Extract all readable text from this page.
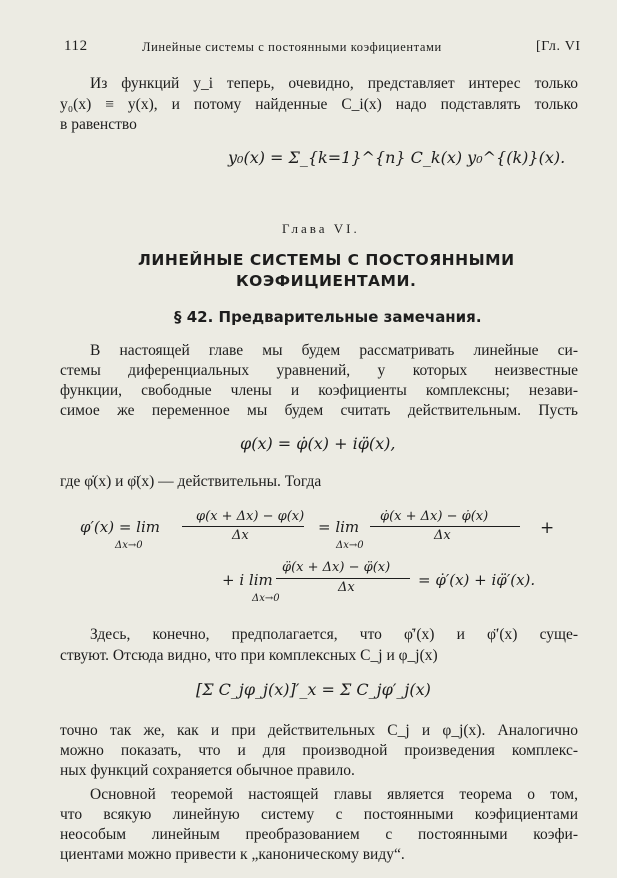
112	Линейные системы с постоянными коэфициентами	[Гл. VI
Из функций y_i теперь, очевидно, представляет интерес только
y₀(x) ≡ y(x), и потому найденные C_i(x) надо подставлять только
в равенство
y₀(x) = Σ_{k=1}^{n} C_k(x) y₀^{(k)}(x).
Глава VI.
ЛИНЕЙНЫЕ СИСТЕМЫ С ПОСТОЯННЫМИ
КОЭФИЦИЕНТАМИ.
§ 42. Предварительные замечания.
В настоящей главе мы будем рассматривать линейные си-
стемы диференциальных уравнений, у которых неизвестные
функции, свободные члены и коэфициенты комплексны; незави-
симое же переменное мы будем считать действительным. Пусть
φ(x) = φ̇(x) + iφ̈(x),
где φ̇(x) и φ̈(x) — действительны. Тогда
φ′(x) = lim
Δx→0
φ(x + Δx) − φ(x)
Δx	= lim
Δx→0
φ̇(x + Δx) − φ̇(x)
Δx	+
+ i lim
Δx→0
φ̈(x + Δx) − φ̈(x)
Δx	= φ̇′(x) + iφ̈′(x).
Здесь, конечно, предполагается, что φ̇′(x) и φ̈′(x) суще-
ствуют. Отсюда видно, что при комплексных C_j и φ_j(x)
[Σ C_jφ_j(x)]′_x = Σ C_jφ′_j(x)
точно так же, как и при действительных C_j и φ_j(x). Аналогично
можно показать, что и для производной произведения комплекс-
ных функций сохраняется обычное правило.
Основной теоремой настоящей главы является теорема о том,
что всякую линейную систему с постоянными коэфициентами
неособым линейным преобразованием с постоянными коэфи-
циентами можно привести к „каноническому виду“.
